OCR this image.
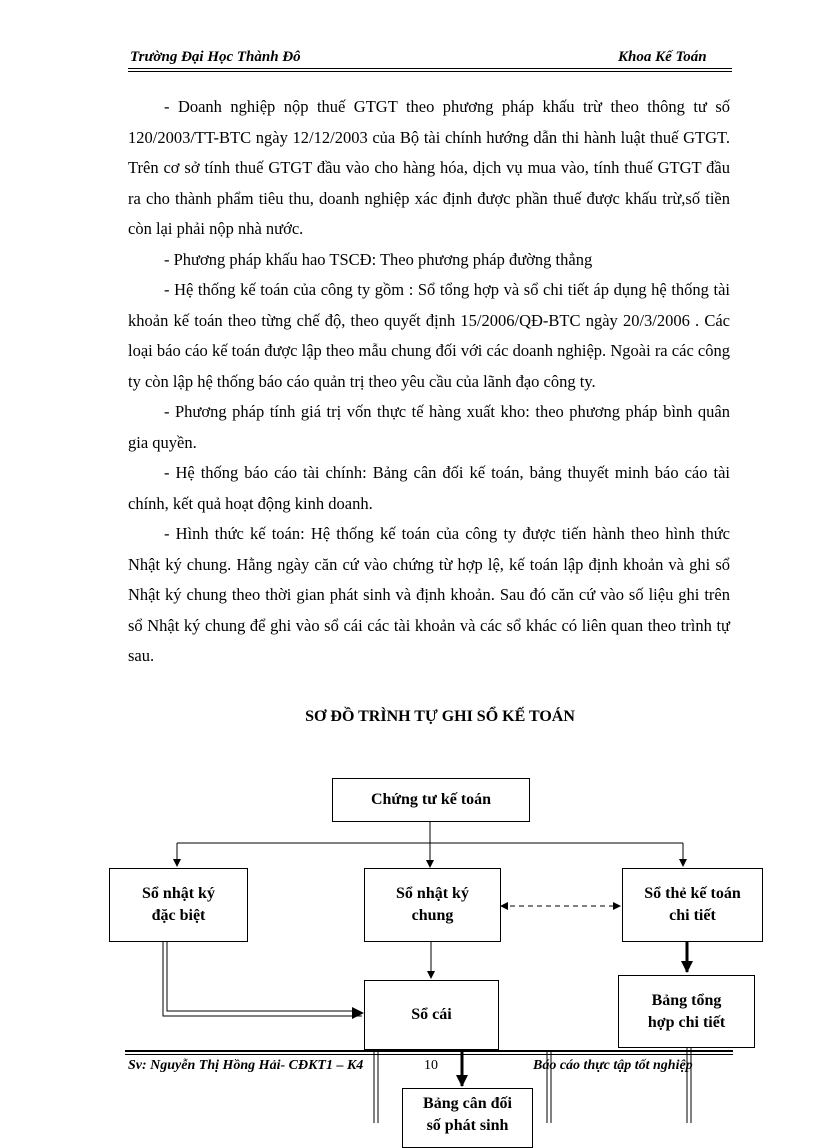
Trường Đại Học Thành Đô	Khoa Kế Toán

- Doanh nghiệp nộp thuế GTGT theo phương pháp khấu trừ theo thông tư số 120/2003/TT-BTC ngày 12/12/2003 của Bộ tài chính hướng dẫn thi hành luật thuế GTGT. Trên cơ sở tính thuế GTGT đầu vào cho hàng hóa, dịch vụ mua vào, tính thuế GTGT đầu ra cho thành phẩm tiêu thu, doanh nghiệp xác định được phần thuế được khấu trừ,số tiền còn lại phải nộp nhà nước.

- Phương pháp khấu hao TSCĐ: Theo phương pháp đường thẳng

- Hệ thống kế toán của công ty gồm : Sổ tổng hợp và sổ chi tiết áp dụng hệ thống tài khoản kế toán theo từng chế độ, theo quyết định 15/2006/QĐ-BTC ngày 20/3/2006 . Các loại báo cáo kế toán được lập theo mẫu chung đối với các doanh nghiệp. Ngoài ra các công ty còn lập hệ thống báo cáo quản trị theo yêu cầu của lãnh đạo công ty.

- Phương pháp tính giá trị vốn thực tế hàng xuất kho: theo phương pháp bình quân gia quyền.

- Hệ thống báo cáo tài chính: Bảng cân đối kế toán, bảng thuyết minh báo cáo tài chính, kết quả hoạt động kinh doanh.

- Hình thức kế toán: Hệ thống kế toán của công ty được tiến hành theo hình thức Nhật ký chung. Hằng ngày căn cứ vào chứng từ hợp lệ, kế toán lập định khoản và ghi sổ Nhật ký chung theo thời gian phát sinh và định khoản. Sau đó căn cứ vào số liệu ghi trên sổ Nhật ký chung để ghi vào sổ cái các tài khoản và các sổ khác có liên quan theo trình tự sau.

SƠ ĐỒ TRÌNH TỰ GHI SỔ KẾ TOÁN
Chứng tư kế toán
Sổ nhật ký
đặc biệt
Sổ nhật ký
chung
Sổ thẻ kế toán
chi tiết
Sổ cái
Bảng tổng
hợp chi tiết
Bảng cân đối
số phát sinh
Sv: Nguyễn Thị Hồng Hải- CĐKT1 – K4	10	Báo cáo thực tập tốt nghiệp
